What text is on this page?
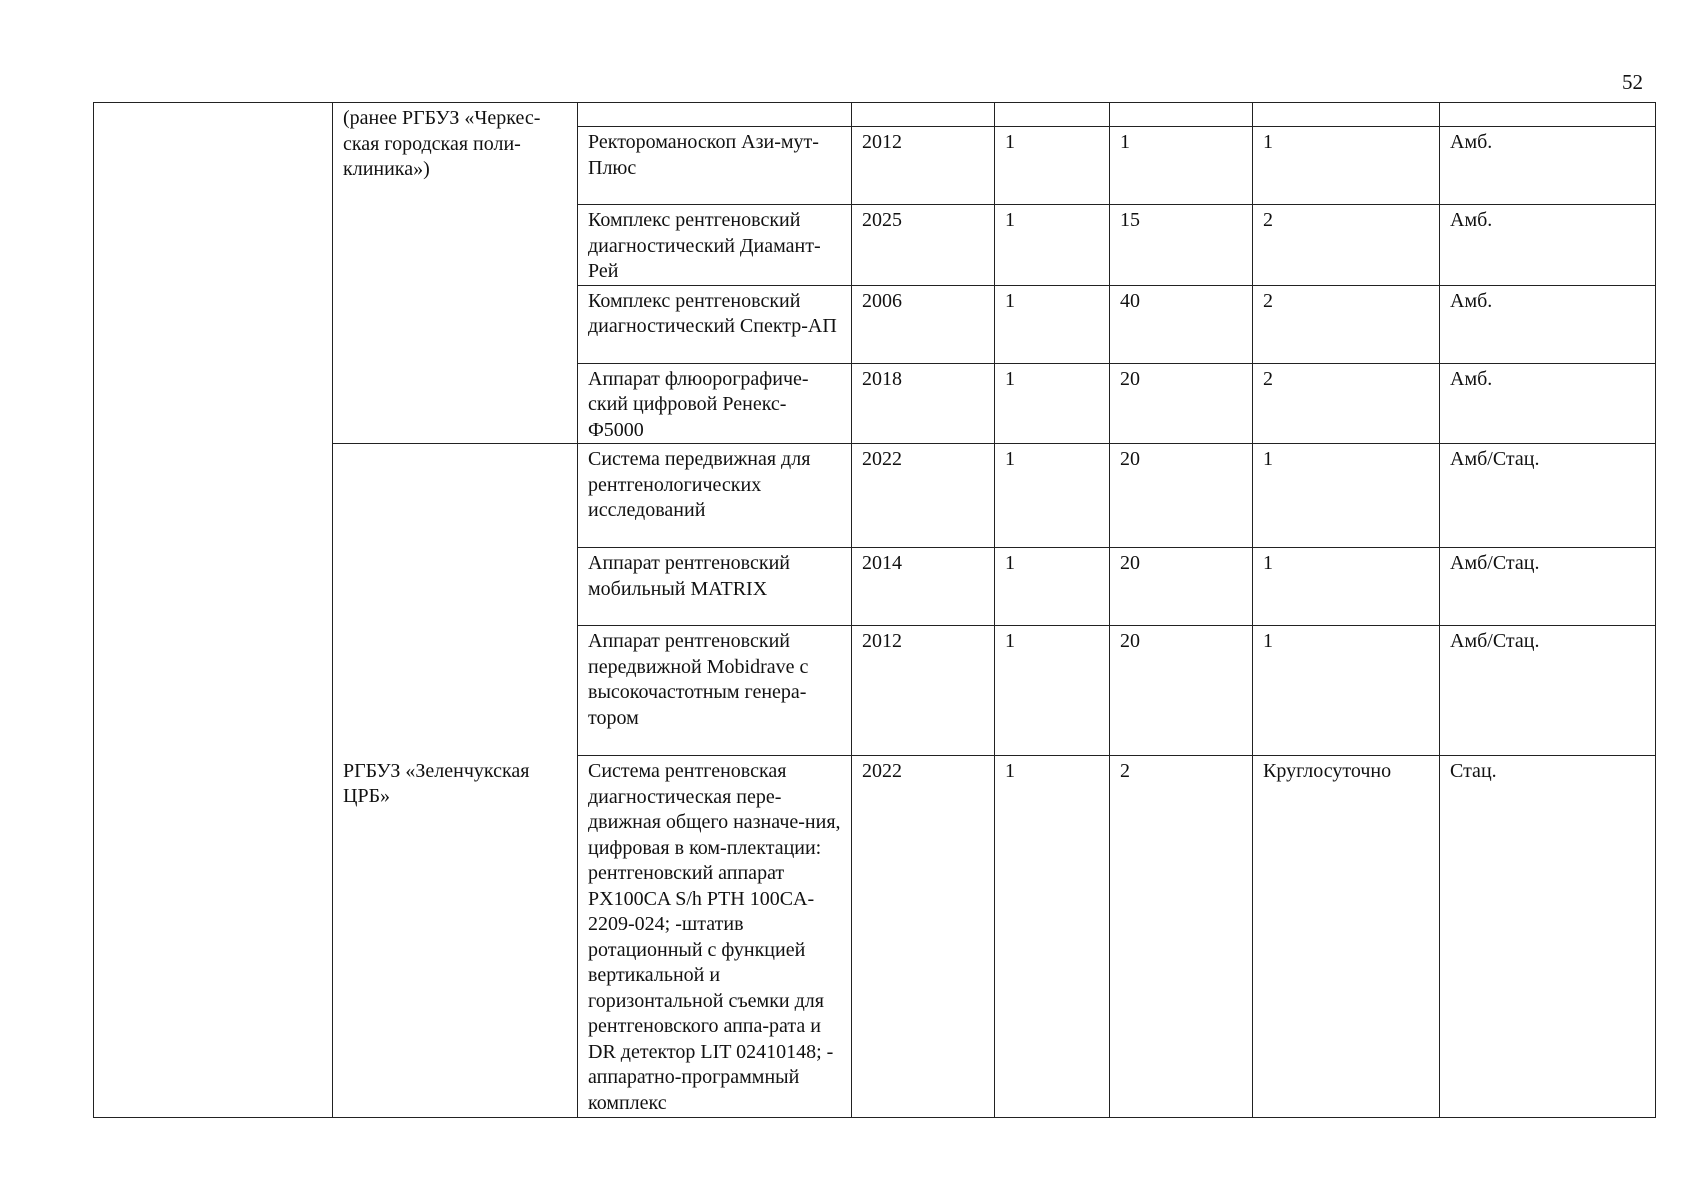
52
	(ранее РГБУЗ «Черкес-ская городская поли-клиника»)						
		Ректороманоскоп Ази-мут-Плюс	2012	1	1	1	Амб.
		Комплекс рентгеновский диагностический Диамант-Рей	2025	1	15	2	Амб.
		Комплекс рентгеновский диагностический Спектр-АП	2006	1	40	2	Амб.
		Аппарат флюорографиче-ский цифровой Ренекс-Ф5000	2018	1	20	2	Амб.
		Система передвижная для рентгенологических исследований	2022	1	20	1	Амб/Стац.
		Аппарат рентгеновский мобильный MATRIX	2014	1	20	1	Амб/Стац.
		Аппарат рентгеновский передвижной Mobidrave с высокочастотным генера-тором	2012	1	20	1	Амб/Стац.
	РГБУЗ «Зеленчукская ЦРБ»	Система рентгеновская диагностическая пере-движная общего назначе-ния, цифровая в ком-плектации: рентгеновский аппарат PX100CA S/h PTH 100CA-2209-024; -штатив ротационный с функцией вертикальной и горизонтальной съемки для рентгеновского аппа-рата и DR детектор LIT 02410148; - аппаратно-программный комплекс	2022	1	2	Круглосуточно	Стац.
